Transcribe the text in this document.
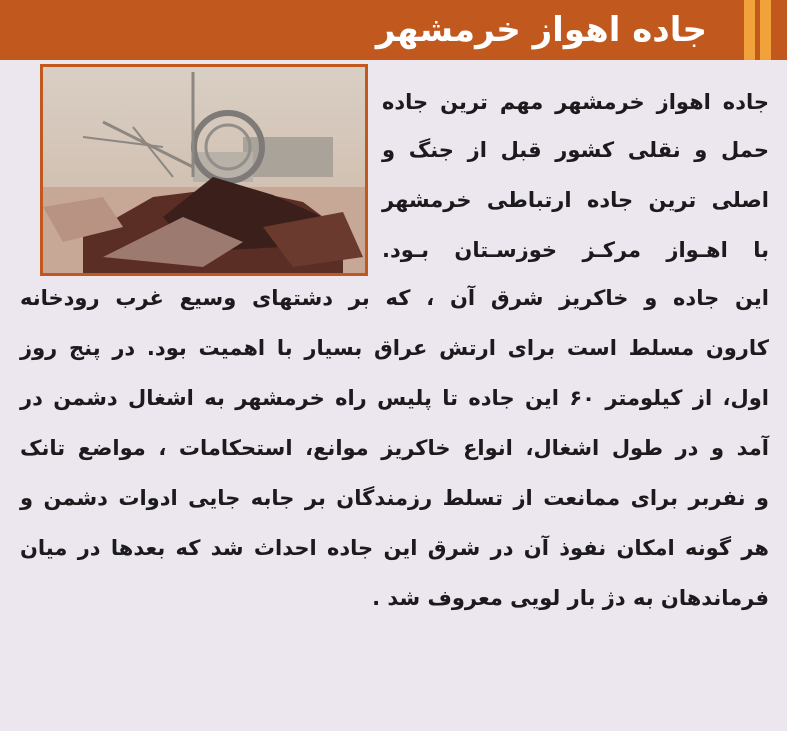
جاده اهواز خرمشهر
جاده اهواز خرمشهر مهم ترین جاده
حمل و نقلی کشور قبل از جنگ و
اصلی ترین جاده ارتباطی خرمشهر
با اهـواز مرکـز خوزسـتان بـود.
این جاده و خاکریز شرق آن ، که بر دشتهای وسیع غرب رودخانه
کارون مسلط است برای ارتش عراق بسیار با اهمیت بود. در پنج روز
اول، از کیلومتر ۶۰ این جاده تا پلیس راه خرمشهر به اشغال دشمن در
آمد و در طول اشغال، انواع خاکریز موانع، استحکامات ، مواضع تانک
و نفربر برای ممانعت از تسلط رزمندگان بر جابه جایی ادوات دشمن و
هر گونه امکان نفوذ آن در شرق این جاده احداث شد که بعدها در میان
فرماندهان به دژ بار لویی معروف شد .
